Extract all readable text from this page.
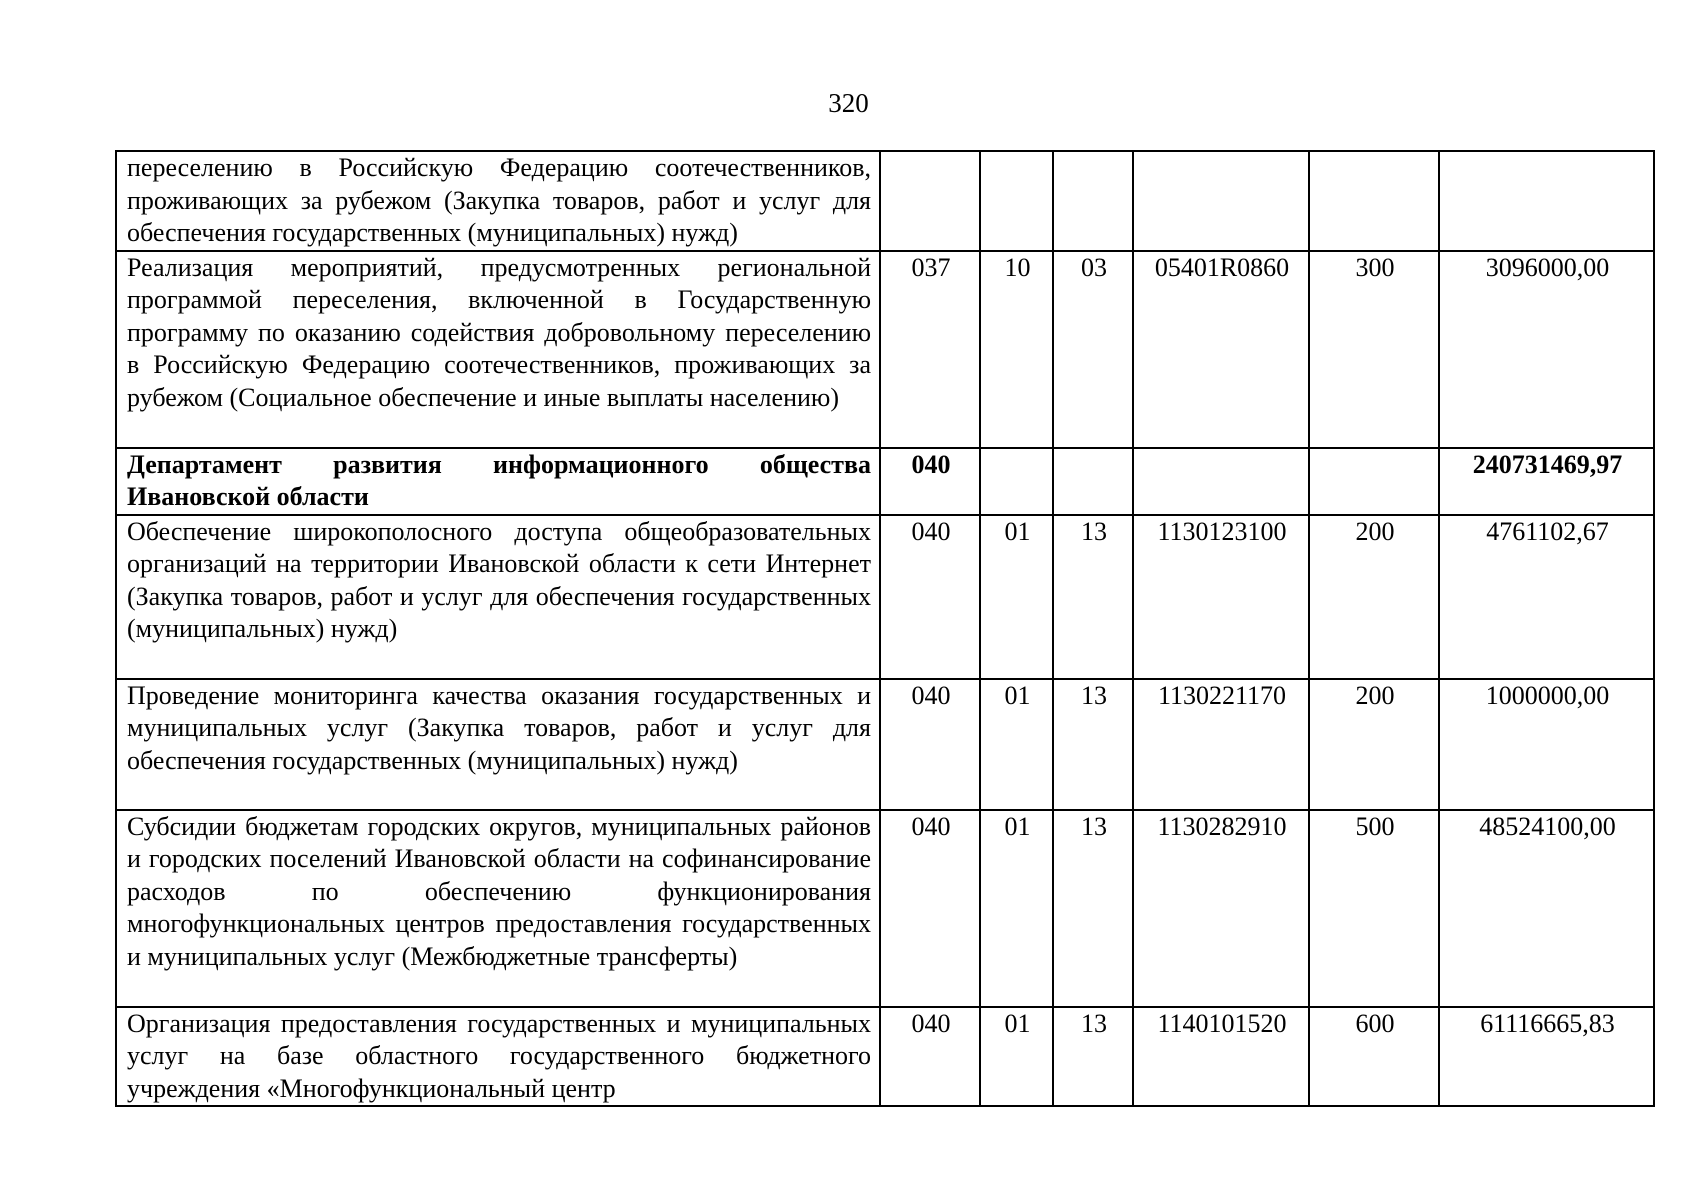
320
переселению в Российскую Федерацию соотечественников, проживающих за рубежом (Закупка товаров, работ и услуг для обеспечения государственных (муниципальных) нужд)						
Реализация мероприятий, предусмотренных региональной программой переселения, включенной в Государственную программу по оказанию содействия добровольному переселению в Российскую Федерацию соотечественников, проживающих за рубежом (Социальное обеспечение и иные выплаты населению)	037	10	03	05401R0860	300	3096000,00
Департамент развития информационного общества Ивановской области	040					240731469,97
Обеспечение широкополосного доступа общеобразовательных организаций на территории Ивановской области к сети Интернет (Закупка товаров, работ и услуг для обеспечения государственных (муниципальных) нужд)	040	01	13	1130123100	200	4761102,67
Проведение мониторинга качества оказания государственных и муниципальных услуг (Закупка товаров, работ и услуг для обеспечения государственных (муниципальных) нужд)	040	01	13	1130221170	200	1000000,00
Субсидии бюджетам городских округов, муниципальных районов и городских поселений Ивановской области на софинансирование расходов по обеспечению функционирования многофункциональных центров предоставления государственных и муниципальных услуг (Межбюджетные трансферты)	040	01	13	1130282910	500	48524100,00
Организация предоставления государственных и муниципальных услуг на базе областного государственного бюджетного учреждения «Многофункциональный центр	040	01	13	1140101520	600	61116665,83
